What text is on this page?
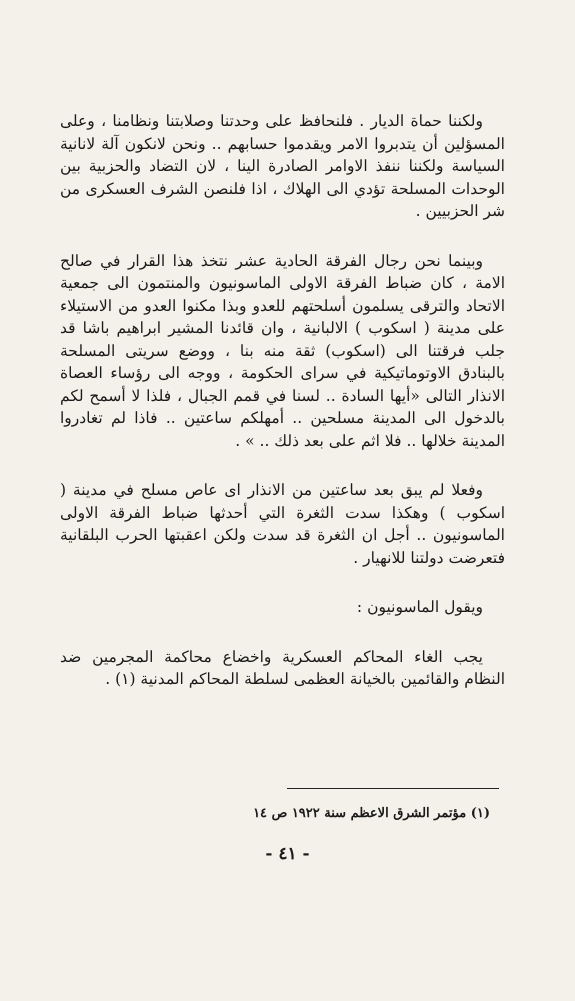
ولكننا حماة الديار . فلنحافظ على وحدتنا وصلابتنا ونظامنا ، وعلى المسؤلين أن يتدبروا الامر ويقدموا حسابهم .. ونحن لانكون آلة لانانية السياسة ولكننا ننفذ الاوامر الصادرة الينا ، لان التضاد والحزبية بين الوحدات المسلحة تؤدي الى الهلاك ، اذا فلنصن الشرف العسكرى من شر الحزبيين .

وبينما نحن رجال الفرقة الحادية عشر نتخذ هذا القرار في صالح الامة ، كان ضباط الفرقة الاولى الماسونيون والمنتمون الى جمعية الاتحاد والترقى يسلمون أسلحتهم للعدو وبذا مكنوا العدو من الاستيلاء على مدينة ( اسكوب ) الالبانية ، وان قائدنا المشير ابراهيم باشا قد جلب فرقتنا الى (اسكوب) ثقة منه بنا ، ووضع سريتى المسلحة بالبنادق الاوتوماتيكية في سراى الحكومة ، ووجه الى رؤساء العصاة الانذار التالى «أيها السادة .. لسنا في قمم الجبال ، فلذا لا أسمح لكم بالدخول الى المدينة مسلحين .. أمهلكم ساعتين .. فاذا لم تغادروا المدينة خلالها .. فلا اثم على بعد ذلك .. » .

وفعلا لم يبق بعد ساعتين من الانذار اى عاص مسلح في مدينة ( اسكوب ) وهكذا سدت الثغرة التي أحدثها ضباط الفرقة الاولى الماسونيون .. أجل ان الثغرة قد سدت ولكن اعقبتها الحرب البلقانية فتعرضت دولتنا للانهيار .

ويقول الماسونيون :

يجب الغاء المحاكم العسكرية واخضاع محاكمة المجرمين ضد النظام والقائمين بالخيانة العظمى لسلطة المحاكم المدنية (١) .

(١) مؤتمر الشرق الاعظم سنة ١٩٢٢ ص ١٤
- ٤١ -
